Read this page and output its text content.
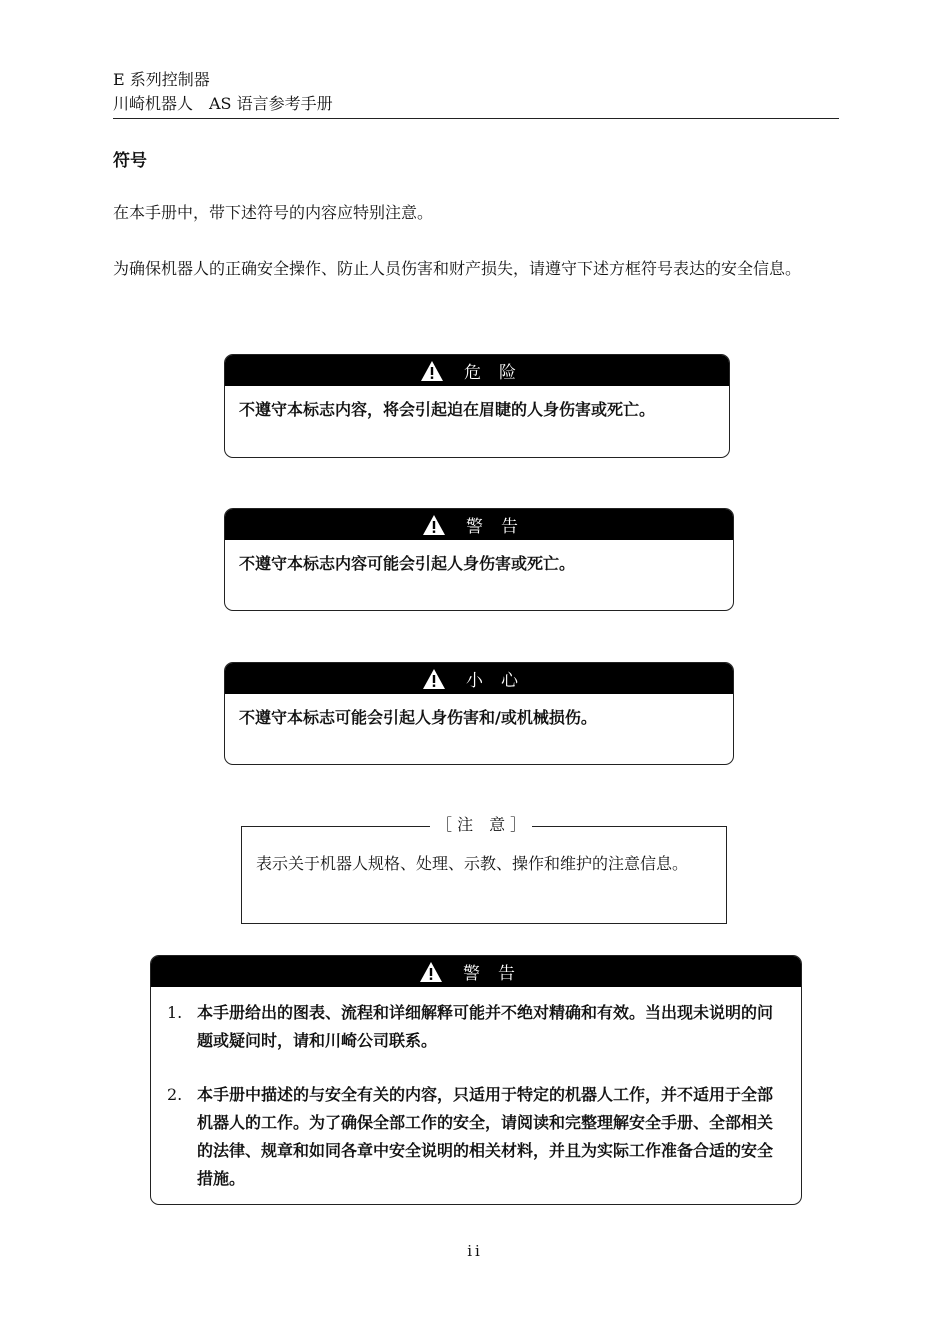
E 系列控制器
川崎机器人　AS 语言参考手册
符号
在本手册中，带下述符号的内容应特别注意。
为确保机器人的正确安全操作、防止人员伤害和财产损失，请遵守下述方框符号表达的安全信息。
危险
不遵守本标志内容，将会引起迫在眉睫的人身伤害或死亡。
警告
不遵守本标志内容可能会引起人身伤害或死亡。
小心
不遵守本标志可能会引起人身伤害和/或机械损伤。
［ 注　意 ］
表示关于机器人规格、处理、示教、操作和维护的注意信息。
警告
1. 本手册给出的图表、流程和详细解释可能并不绝对精确和有效。当出现未说明的问题或疑问时，请和川崎公司联系。
2. 本手册中描述的与安全有关的内容，只适用于特定的机器人工作，并不适用于全部机器人的工作。为了确保全部工作的安全，请阅读和完整理解安全手册、全部相关的法律、规章和如同各章中安全说明的相关材料，并且为实际工作准备合适的安全措施。
ii
